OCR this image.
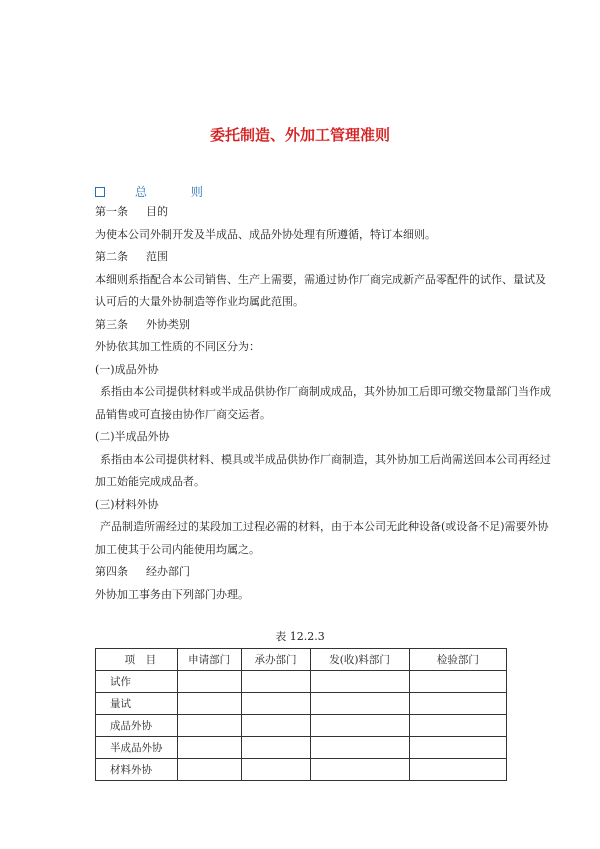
委托制造、外加工管理准则
总 则
第一条 目的
为使本公司外制开发及半成品、成品外协处理有所遵循，特订本细则。
第二条 范围
本细则系指配合本公司销售、生产上需要，需通过协作厂商完成新产品零配件的试作、量试及
认可后的大量外协制造等作业均属此范围。
第三条 外协类别
外协依其加工性质的不同区分为：
(一)成品外协
系指由本公司提供材料或半成品供协作厂商制成成品，其外协加工后即可缴交物量部门当作成
品销售或可直接由协作厂商交运者。
(二)半成品外协
系指由本公司提供材料、模具或半成品供协作厂商制造，其外协加工后尚需送回本公司再经过
加工始能完成成品者。
(三)材料外协
产品制造所需经过的某段加工过程必需的材料，由于本公司无此种设备(或设备不足)需要外协
加工使其于公司内能使用均属之。
第四条 经办部门
外协加工事务由下列部门办理。
表 12.2.3
项　目	申请部门	承办部门	发(收)料部门	检验部门
试作				
量试				
成品外协				
半成品外协				
材料外协				
